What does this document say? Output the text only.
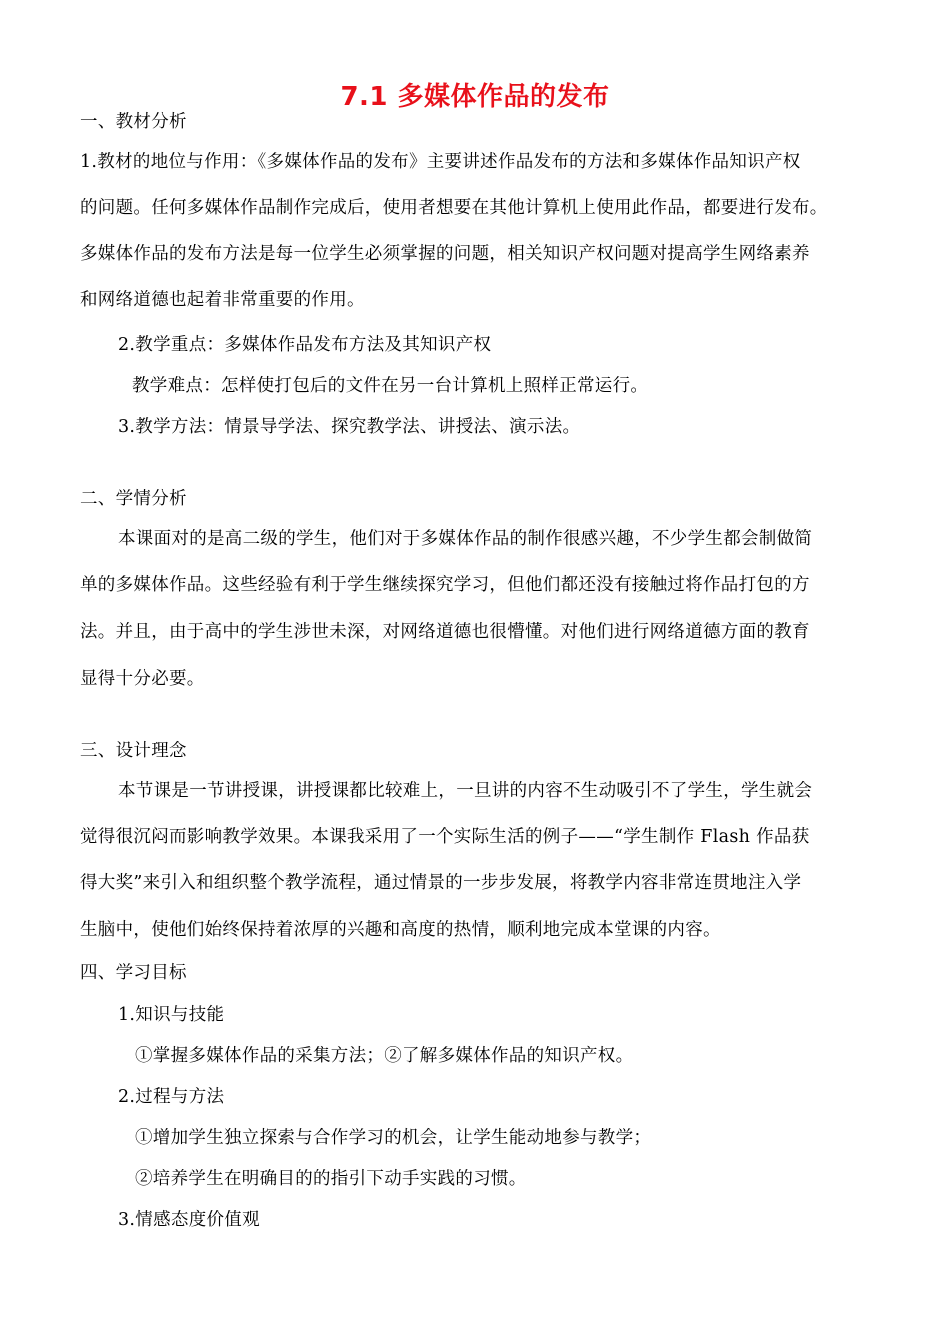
7.1 多媒体作品的发布
一、教材分析
1.教材的地位与作用：《多媒体作品的发布》主要讲述作品发布的方法和多媒体作品知识产权
的问题。任何多媒体作品制作完成后，使用者想要在其他计算机上使用此作品，都要进行发布。
多媒体作品的发布方法是每一位学生必须掌握的问题，相关知识产权问题对提高学生网络素养
和网络道德也起着非常重要的作用。
2.教学重点：多媒体作品发布方法及其知识产权
教学难点：怎样使打包后的文件在另一台计算机上照样正常运行。
3.教学方法：情景导学法、探究教学法、讲授法、演示法。
二、学情分析
本课面对的是高二级的学生，他们对于多媒体作品的制作很感兴趣，不少学生都会制做简
单的多媒体作品。这些经验有利于学生继续探究学习，但他们都还没有接触过将作品打包的方
法。并且，由于高中的学生涉世未深，对网络道德也很懵懂。对他们进行网络道德方面的教育
显得十分必要。
三、设计理念
本节课是一节讲授课，讲授课都比较难上，一旦讲的内容不生动吸引不了学生，学生就会
觉得很沉闷而影响教学效果。本课我采用了一个实际生活的例子——“学生制作 Flash 作品获
得大奖”来引入和组织整个教学流程，通过情景的一步步发展，将教学内容非常连贯地注入学
生脑中，使他们始终保持着浓厚的兴趣和高度的热情，顺利地完成本堂课的内容。
四、学习目标
1.知识与技能
①掌握多媒体作品的采集方法；②了解多媒体作品的知识产权。
2.过程与方法
①增加学生独立探索与合作学习的机会，让学生能动地参与教学；
②培养学生在明确目的的指引下动手实践的习惯。
3.情感态度价值观
